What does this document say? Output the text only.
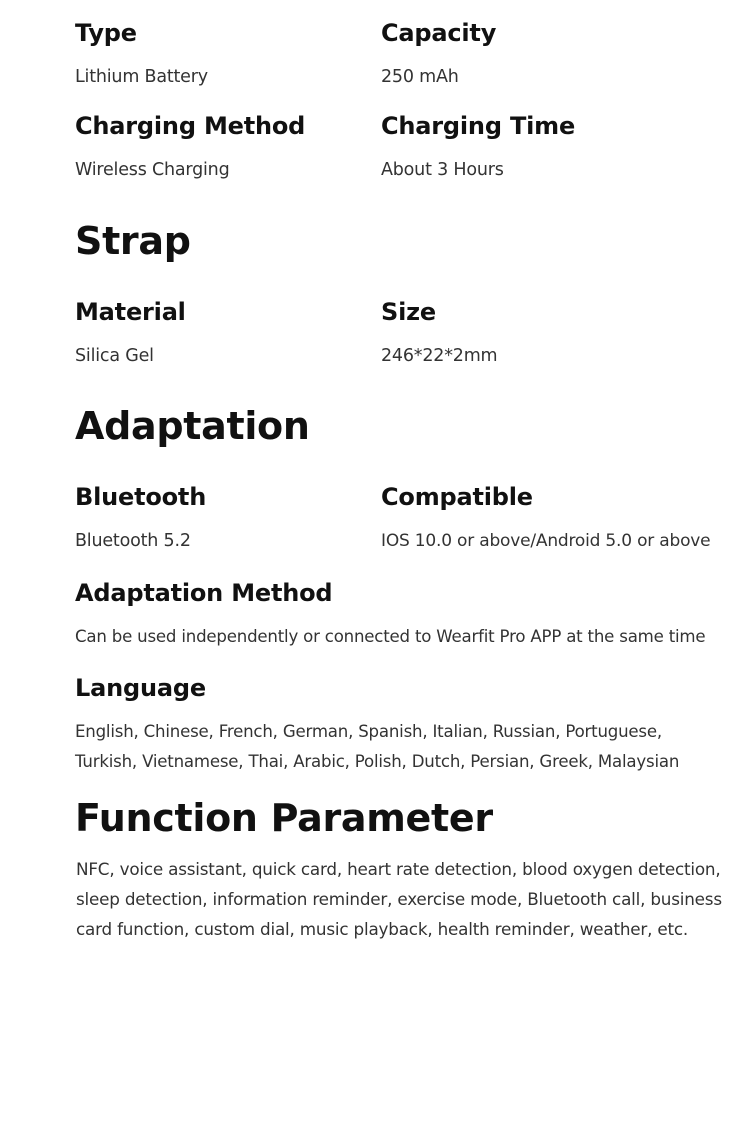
Type
Lithium Battery
Capacity
250 mAh
Charging Method
Wireless Charging
Charging Time
About 3 Hours
Strap
Material
Silica Gel
Size
246*22*2mm
Adaptation
Bluetooth
Bluetooth 5.2
Compatible
IOS 10.0 or above/Android 5.0 or above
Adaptation Method
Can be used independently or connected to Wearfit Pro APP at the same time
Language
English, Chinese, French, German, Spanish, Italian, Russian, Portuguese,
Turkish, Vietnamese, Thai, Arabic, Polish, Dutch, Persian, Greek, Malaysian
Function Parameter
NFC, voice assistant, quick card, heart rate detection, blood oxygen detection,
sleep detection, information reminder, exercise mode, Bluetooth call, business
card function, custom dial, music playback, health reminder, weather, etc.
